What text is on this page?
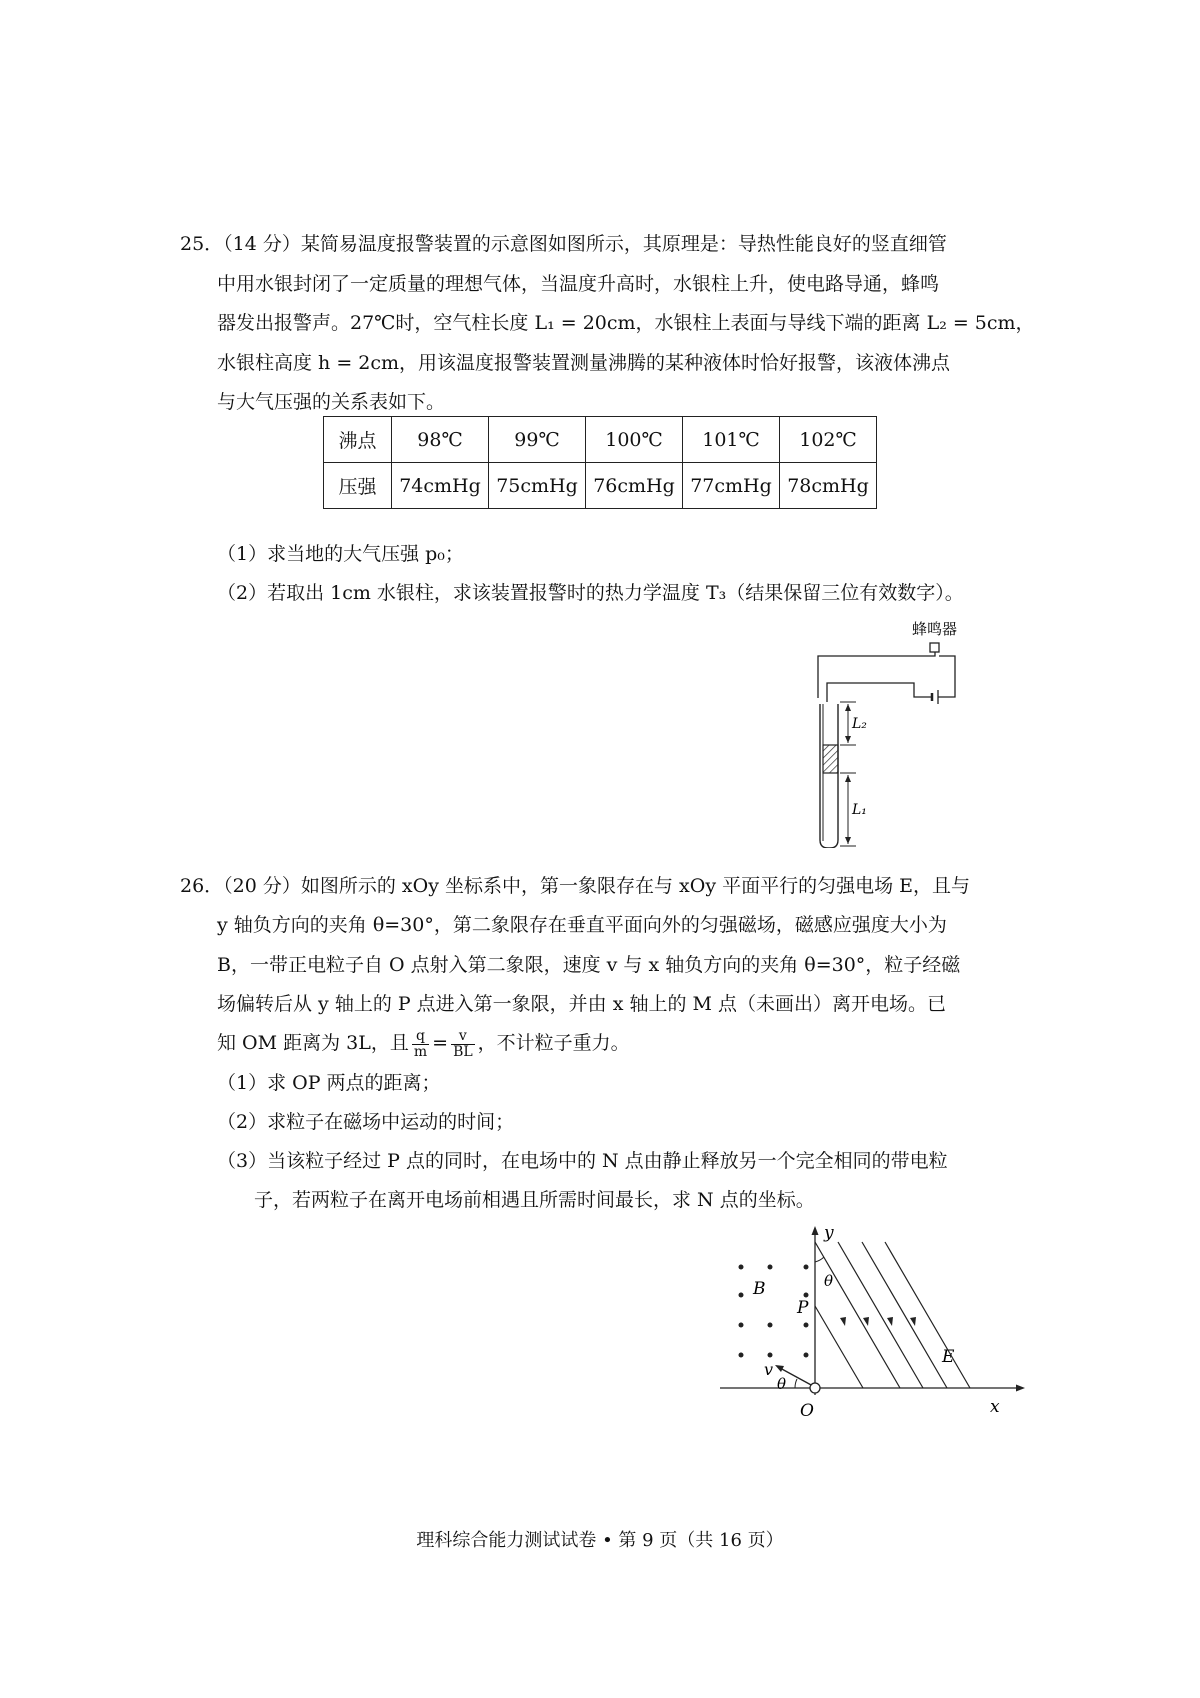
25．（14 分）某简易温度报警装置的示意图如图所示，其原理是：导热性能良好的竖直细管
中用水银封闭了一定质量的理想气体，当温度升高时，水银柱上升，使电路导通，蜂鸣
器发出报警声。27℃时，空气柱长度 L₁ = 20cm，水银柱上表面与导线下端的距离 L₂ = 5cm，
水银柱高度 h = 2cm，用该温度报警装置测量沸腾的某种液体时恰好报警，该液体沸点
与大气压强的关系表如下。
沸点	98℃	99℃	100℃	101℃	102℃
压强	74cmHg	75cmHg	76cmHg	77cmHg	78cmHg
（1）求当地的大气压强 p₀；
（2）若取出 1cm 水银柱，求该装置报警时的热力学温度 T₃（结果保留三位有效数字）。
蜂鸣器
L₂
L₁
26．（20 分）如图所示的 xOy 坐标系中，第一象限存在与 xOy 平面平行的匀强电场 E，且与
y 轴负方向的夹角 θ=30°，第二象限存在垂直平面向外的匀强磁场，磁感应强度大小为
B，一带正电粒子自 O 点射入第二象限，速度 v 与 x 轴负方向的夹角 θ=30°，粒子经磁
场偏转后从 y 轴上的 P 点进入第一象限，并由 x 轴上的 M 点（未画出）离开电场。已
知 OM 距离为 3L，且 $\frac{q}{m} = \frac{v}{BL}$ ，不计粒子重力。
（1）求 OP 两点的距离；
（2）求粒子在磁场中运动的时间；
（3）当该粒子经过 P 点的同时，在电场中的 N 点由静止释放另一个完全相同的带电粒
子，若两粒子在离开电场前相遇且所需时间最长，求 N 点的坐标。
y
x
O
P
B
E
v
θ
θ
理科综合能力测试试卷 • 第 9 页（共 16 页）
